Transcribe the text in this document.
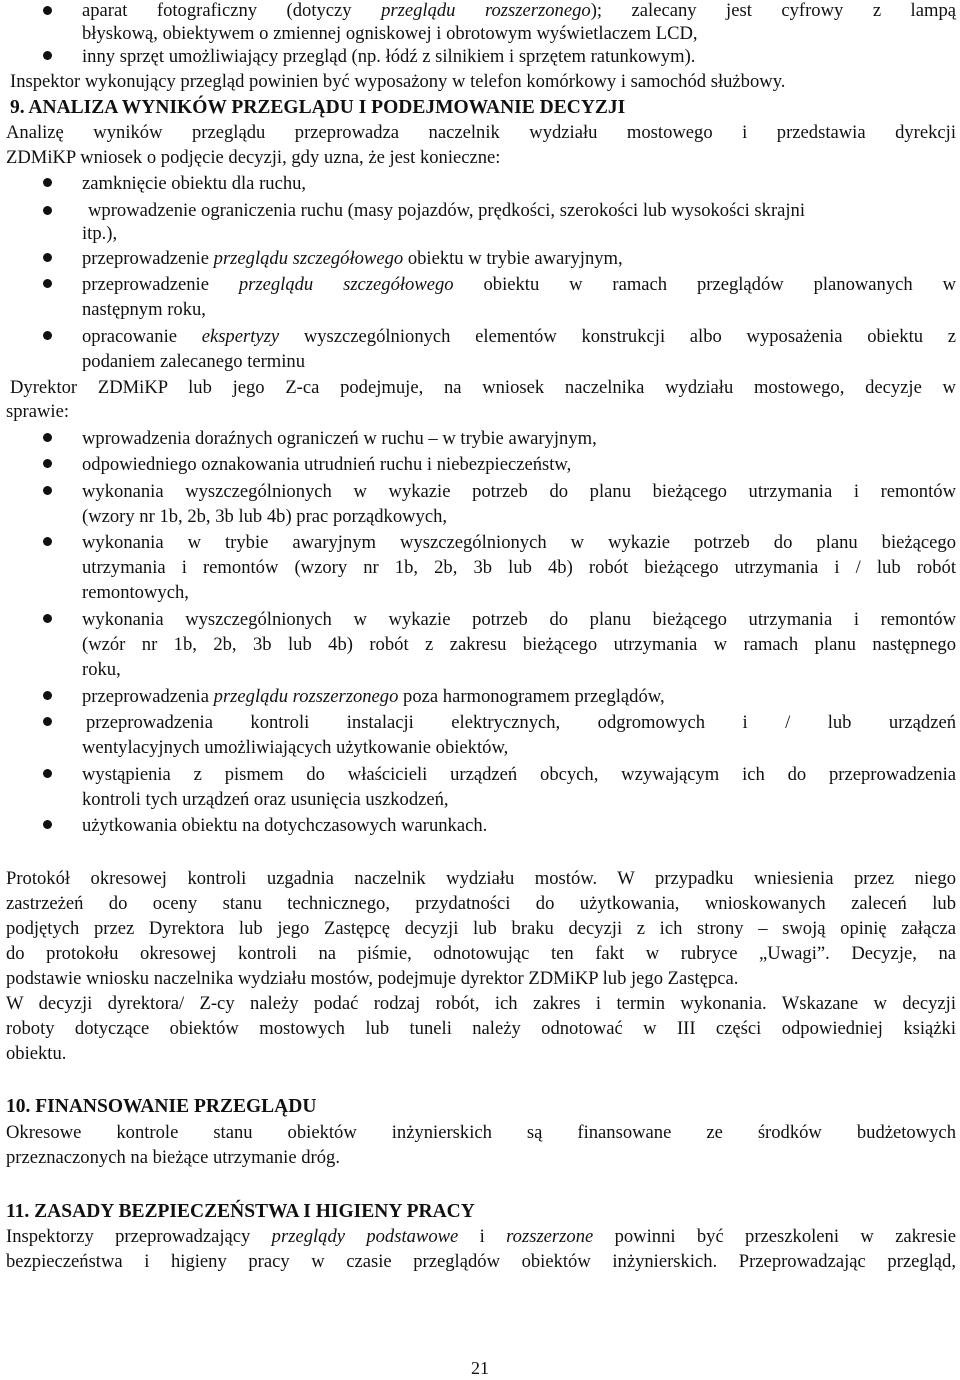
aparat fotograficzny (dotyczy przeglądu rozszerzonego); zalecany jest cyfrowy z lampą
błyskową, obiektywem o zmiennej ogniskowej i obrotowym wyświetlaczem LCD,
inny sprzęt umożliwiający przegląd (np. łódź z silnikiem i sprzętem ratunkowym).
Inspektor wykonujący przegląd powinien być wyposażony w telefon komórkowy i samochód służbowy.
9. ANALIZA WYNIKÓW PRZEGLĄDU I PODEJMOWANIE DECYZJI
Analizę wyników przeglądu przeprowadza naczelnik wydziału mostowego i przedstawia dyrekcji
ZDMiKP wniosek o podjęcie decyzji, gdy uzna, że jest konieczne:
zamknięcie obiektu dla ruchu,
wprowadzenie ograniczenia ruchu (masy pojazdów, prędkości, szerokości lub wysokości skrajni
itp.),
przeprowadzenie przeglądu szczegółowego obiektu w trybie awaryjnym,
przeprowadzenie przeglądu szczegółowego obiektu w ramach przeglądów planowanych w
następnym roku,
opracowanie ekspertyzy wyszczególnionych elementów konstrukcji albo wyposażenia obiektu z
podaniem zalecanego terminu
Dyrektor ZDMiKP lub jego Z-ca podejmuje, na wniosek naczelnika wydziału mostowego, decyzje w
sprawie:
wprowadzenia doraźnych ograniczeń w ruchu – w trybie awaryjnym,
odpowiedniego oznakowania utrudnień ruchu i niebezpieczeństw,
wykonania wyszczególnionych w wykazie potrzeb do planu bieżącego utrzymania i remontów
(wzory nr 1b, 2b, 3b lub 4b) prac porządkowych,
wykonania w trybie awaryjnym wyszczególnionych w wykazie potrzeb do planu bieżącego
utrzymania i remontów (wzory nr 1b, 2b, 3b lub 4b) robót bieżącego utrzymania i / lub robót
remontowych,
wykonania wyszczególnionych w wykazie potrzeb do planu bieżącego utrzymania i remontów
(wzór nr 1b, 2b, 3b lub 4b) robót z zakresu bieżącego utrzymania w ramach planu następnego
roku,
przeprowadzenia przeglądu rozszerzonego poza harmonogramem przeglądów,
przeprowadzenia kontroli instalacji elektrycznych, odgromowych i / lub urządzeń
wentylacyjnych umożliwiających użytkowanie obiektów,
wystąpienia z pismem do właścicieli urządzeń obcych, wzywającym ich do przeprowadzenia
kontroli tych urządzeń oraz usunięcia uszkodzeń,
użytkowania obiektu na dotychczasowych warunkach.
Protokół okresowej kontroli uzgadnia naczelnik wydziału mostów. W przypadku wniesienia przez niego
zastrzeżeń do oceny stanu technicznego, przydatności do użytkowania, wnioskowanych zaleceń lub
podjętych przez Dyrektora lub jego Zastępcę decyzji lub braku decyzji z ich strony – swoją opinię załącza
do protokołu okresowej kontroli na piśmie, odnotowując ten fakt w rubryce „Uwagi”. Decyzje, na
podstawie wniosku naczelnika wydziału mostów, podejmuje dyrektor ZDMiKP lub jego Zastępca.
W decyzji dyrektora/ Z-cy należy podać rodzaj robót, ich zakres i termin wykonania. Wskazane w decyzji
roboty dotyczące obiektów mostowych lub tuneli należy odnotować w III części odpowiedniej książki
obiektu.
10. FINANSOWANIE PRZEGLĄDU
Okresowe kontrole stanu obiektów inżynierskich są finansowane ze środków budżetowych
przeznaczonych na bieżące utrzymanie dróg.
11. ZASADY BEZPIECZEŃSTWA I HIGIENY PRACY
Inspektorzy przeprowadzający przeglądy podstawowe i rozszerzone powinni być przeszkoleni w zakresie
bezpieczeństwa i higieny pracy w czasie przeglądów obiektów inżynierskich. Przeprowadzając przegląd,
21
